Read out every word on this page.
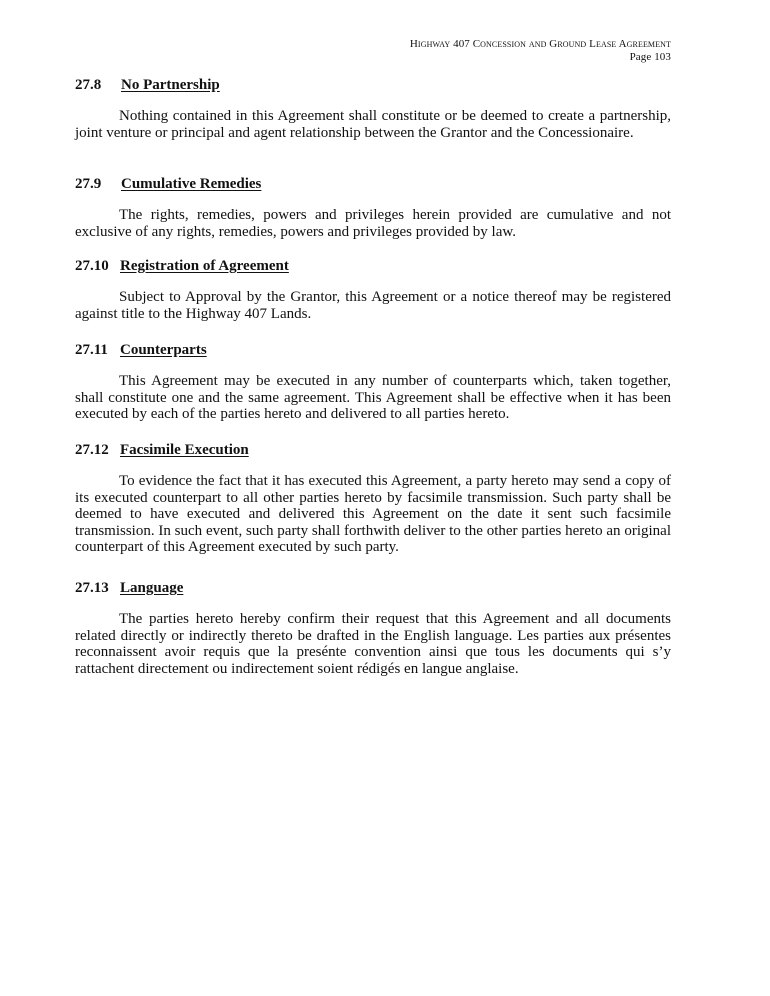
Highway 407 Concession and Ground Lease Agreement
Page 103
27.8 No Partnership
Nothing contained in this Agreement shall constitute or be deemed to create a partnership, joint venture or principal and agent relationship between the Grantor and the Concessionaire.
27.9 Cumulative Remedies
The rights, remedies, powers and privileges herein provided are cumulative and not exclusive of any rights, remedies, powers and privileges provided by law.
27.10 Registration of Agreement
Subject to Approval by the Grantor, this Agreement or a notice thereof may be registered against title to the Highway 407 Lands.
27.11 Counterparts
This Agreement may be executed in any number of counterparts which, taken together, shall constitute one and the same agreement. This Agreement shall be effective when it has been executed by each of the parties hereto and delivered to all parties hereto.
27.12 Facsimile Execution
To evidence the fact that it has executed this Agreement, a party hereto may send a copy of its executed counterpart to all other parties hereto by facsimile transmission. Such party shall be deemed to have executed and delivered this Agreement on the date it sent such facsimile transmission. In such event, such party shall forthwith deliver to the other parties hereto an original counterpart of this Agreement executed by such party.
27.13 Language
The parties hereto hereby confirm their request that this Agreement and all documents related directly or indirectly thereto be drafted in the English language. Les parties aux présentes reconnaissent avoir requis que la presénte convention ainsi que tous les documents qui s’y rattachent directement ou indirectement soient rédigés en langue anglaise.
